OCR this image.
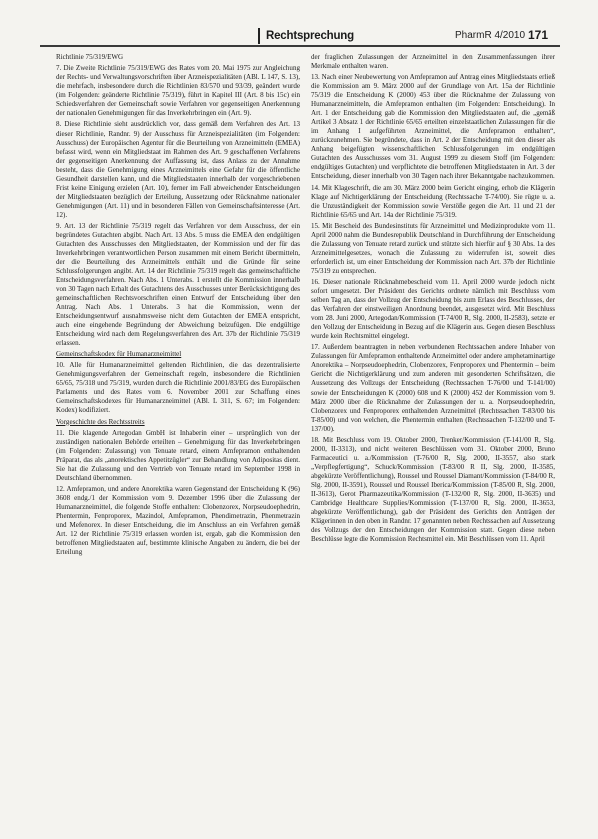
Rechtsprechung	PharmR 4/2010 171

Richtlinie 75/319/EWG

7. Die Zweite Richtlinie 75/319/EWG des Rates vom 20. Mai 1975 zur Angleichung der Rechts- und Verwaltungsvorschriften über Arzneispezialitäten (ABl. L 147, S. 13), die mehrfach, insbesondere durch die Richtlinien 83/570 und 93/39, geändert wurde (im Folgenden: geänderte Richtlinie 75/319), führt in Kapitel III (Art. 8 bis 15c) ein Schiedsverfahren der Gemeinschaft sowie Verfahren vor gegenseitigen Anerkennung der nationalen Genehmigungen für das Inverkehrbringen ein (Art. 9).

8. Diese Richtlinie sieht ausdrücklich vor, dass gemäß dem Verfahren des Art. 13 dieser Richtlinie, Randnr. 9) der Ausschuss für Arzneispezialitäten (im Folgenden: Ausschuss) der Europäischen Agentur für die Beurteilung von Arzneimitteln (EMEA) befasst wird, wenn ein Mitgliedstaat im Rahmen des Art. 9 geschaffenen Verfahrens der gegenseitigen Anerkennung der Auffassung ist, dass Anlass zu der Annahme besteht, dass die Genehmigung eines Arzneimittels eine Gefahr für die öffentliche Gesundheit darstellen kann, und die Mitgliedstaaten innerhalb der vorgeschriebenen Frist keine Einigung erzielen (Art. 10), ferner im Fall abweichender Entscheidungen der Mitgliedstaaten bezüglich der Erteilung, Aussetzung oder Rücknahme nationaler Genehmigungen (Art. 11) und in besonderen Fällen von Gemeinschaftsinteresse (Art. 12).

9. Art. 13 der Richtlinie 75/319 regelt das Verfahren vor dem Ausschuss, der ein begründetes Gutachten abgibt. Nach Art. 13 Abs. 5 muss die EMEA den endgültigen Gutachten des Ausschusses den Mitgliedstaaten, der Kommission und der für das Inverkehrbringen verantwortlichen Person zusammen mit einem Bericht übermitteln, der die Beurteilung des Arzneimittels enthält und die Gründe für seine Schlussfolgerungen angibt. Art. 14 der Richtlinie 75/319 regelt das gemeinschaftliche Entscheidungsverfahren. Nach Abs. 1 Unterabs. 1 erstellt die Kommission innerhalb von 30 Tagen nach Erhalt des Gutachtens des Ausschusses unter Berücksichtigung des gemeinschaftlichen Rechtsvorschriften einen Entwurf der Entscheidung über den Antrag. Nach Abs. 1 Unterabs. 3 hat die Kommission, wenn der Entscheidungsentwurf ausnahmsweise nicht dem Gutachten der EMEA entspricht, auch eine eingehende Begründung der Abweichung beizufügen. Die endgültige Entscheidung wird nach dem Regelungsverfahren des Art. 37b der Richtlinie 75/319 erlassen.

Gemeinschaftskodex für Humanarzneimittel

10. Alle für Humanarzneimittel geltenden Richtlinien, die das dezentralisierte Genehmigungsverfahren der Gemeinschaft regeln, insbesondere die Richtlinien 65/65, 75/318 und 75/319, wurden durch die Richtlinie 2001/83/EG des Europäischen Parlaments und des Rates vom 6. November 2001 zur Schaffung eines Gemeinschaftskodexes für Humanarzneimittel (ABl. L 311, S. 67; im Folgenden: Kodex) kodifiziert.

Vorgeschichte des Rechtsstreits

11. Die klagende Artegodan GmbH ist Inhaberin einer – ursprünglich von der zuständigen nationalen Behörde erteilten – Genehmigung für das Inverkehrbringen (im Folgenden: Zulassung) von Tenuate retard, einem Amfepramon enthaltenden Präparat, das als „anorektisches Appetitzügler“ zur Behandlung von Adipositas dient. Sie hat die Zulassung und den Vertrieb von Tenuate retard im September 1998 in Deutschland übernommen.

12. Amfepramon, und andere Anorektika waren Gegenstand der Entscheidung K (96) 3608 endg./1 der Kommission vom 9. Dezember 1996 über die Zulassung der Humanarzneimittel, die folgende Stoffe enthalten: Clobenzorex, Norpseudoephedrin, Phentermin, Fenproporex, Mazindol, Amfepramon, Phendimetrazin, Phenmetrazin und Mefenorex. In dieser Entscheidung, die im Anschluss an ein Verfahren gemäß Art. 12 der Richtlinie 75/319 erlassen worden ist, ergab, gab die Kommission den betroffenen Mitgliedstaaten auf, bestimmte klinische Angaben zu ändern, die bei der Erteilung

der fraglichen Zulassungen der Arzneimittel in den Zusammenfassungen ihrer Merkmale enthalten waren.

13. Nach einer Neubewertung von Amfepramon auf Antrag eines Mitgliedstaats erließ die Kommission am 9. März 2000 auf der Grundlage von Art. 15a der Richtlinie 75/319 die Entscheidung K (2000) 453 über die Rücknahme der Zulassung von Humanarzneimitteln, die Amfepramon enthalten (im Folgenden: Entscheidung). In Art. 1 der Entscheidung gab die Kommission den Mitgliedstaaten auf, die „gemäß Artikel 3 Absatz 1 der Richtlinie 65/65 erteilten einzelstaatlichen Zulassungen für die im Anhang I aufgeführten Arzneimittel, die Amfepramon enthalten“, zurückzunehmen. Sie begründete, dass in Art. 2 der Entscheidung mit den dieser als Anhang beigefügten wissenschaftlichen Schlussfolgerungen im endgültigen Gutachten des Ausschusses vom 31. August 1999 zu diesem Stoff (im Folgenden: endgültiges Gutachten) und verpflichtete die betroffenen Mitgliedstaaten in Art. 3 der Entscheidung, dieser innerhalb von 30 Tagen nach ihrer Bekanntgabe nachzukommen.

14. Mit Klageschrift, die am 30. März 2000 beim Gericht einging, erhob die Klägerin Klage auf Nichtigerklärung der Entscheidung (Rechtssache T-74/00). Sie rügte u. a. die Unzuständigkeit der Kommission sowie Verstöße gegen die Art. 11 und 21 der Richtlinie 65/65 und Art. 14a der Richtlinie 75/319.

15. Mit Bescheid des Bundesinstituts für Arzneimittel und Medizinprodukte vom 11. April 2000 nahm die Bundesrepublik Deutschland in Durchführung der Entscheidung die Zulassung von Tenuate retard zurück und stützte sich hierfür auf § 30 Abs. 1a des Arzneimittelgesetzes, wonach die Zulassung zu widerrufen ist, soweit dies erforderlich ist, um einer Entscheidung der Kommission nach Art. 37b der Richtlinie 75/319 zu entsprechen.

16. Dieser nationale Rücknahmebescheid vom 11. April 2000 wurde jedoch nicht sofort umgesetzt. Der Präsident des Gerichts ordnete nämlich mit Beschluss vom selben Tag an, dass der Vollzug der Entscheidung bis zum Erlass des Beschlusses, der das Verfahren der einstweiligen Anordnung beendet, ausgesetzt wird. Mit Beschluss vom 28. Juni 2000, Artegodan/Kommission (T-74/00 R, Slg. 2000, II-2583), setzte er den Vollzug der Entscheidung in Bezug auf die Klägerin aus. Gegen diesen Beschluss wurde kein Rechtsmittel eingelegt.

17. Außerdem beantragten in neben verbundenen Rechtssachen andere Inhaber von Zulassungen für Amfepramon enthaltende Arzneimittel oder andere amphetaminartige Anorektika – Norpseudoephedrin, Clobenzorex, Fenproporex und Phentermin – beim Gericht die Nichtigerklärung und zum anderen mit gesonderten Schriftsätzen, die Aussetzung des Vollzugs der Entscheidung (Rechtssachen T-76/00 und T-141/00) sowie der Entscheidungen K (2000) 608 und K (2000) 452 der Kommission vom 9. März 2000 über die Rücknahme der Zulassungen der u. a. Norpseudoephedrin, Clobenzorex und Fenproporex enthaltenden Arzneimittel (Rechtssachen T-83/00 bis T-85/00) und von welchen, die Phentermin enthalten (Rechtssachen T-132/00 und T-137/00).

18. Mit Beschluss vom 19. Oktober 2000, Trenker/Kommission (T-141/00 R, Slg. 2000, II-3313), und nicht weiteren Beschlüssen vom 31. Oktober 2000, Bruno Farmaceutici u. a./Kommission (T-76/00 R, Slg. 2000, II-3557, also stark „Verpflegfertigung“, Schuck/Kommission (T-83/00 R II, Slg. 2000, II-3585, abgekürzte Veröffentlichung), Roussel und Roussel Diamant/Kommission (T-84/00 R, Slg. 2000, II-3591), Roussel und Roussel Iberica/Kommission (T-85/00 R, Slg. 2000, II-3613), Gerot Pharmazeutika/Kommission (T-132/00 R, Slg. 2000, II-3635) und Cambridge Healthcare Supplies/Kommission (T-137/00 R, Slg. 2000, II-3653, abgekürzte Veröffentlichung), gab der Präsident des Gerichts den Anträgen der Klägerinnen in den oben in Randnr. 17 genannten neben Rechtssachen auf Aussetzung des Vollzugs der den Entscheidungen der Kommission statt. Gegen diese neben Beschlüsse legte die Kommission Rechtsmittel ein. Mit Beschlüssen vom 11. April
